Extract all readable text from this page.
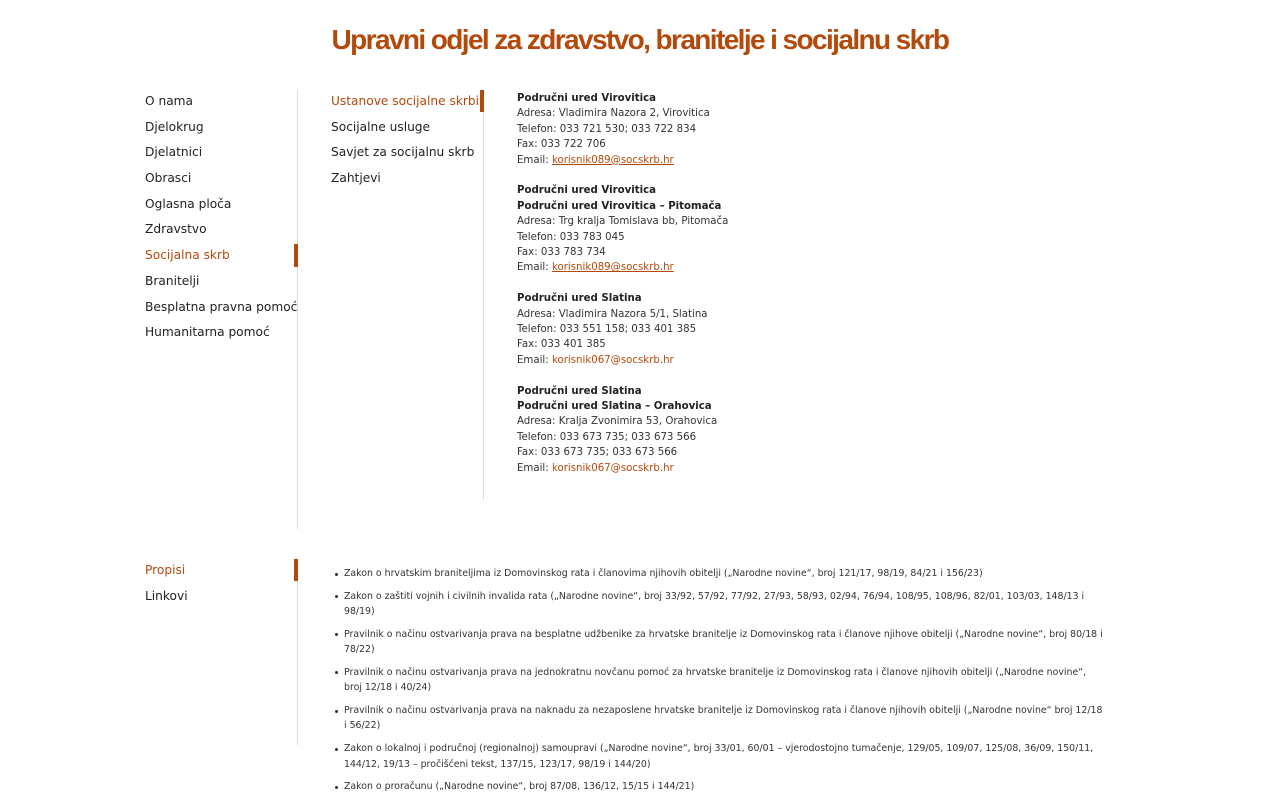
Upravni odjel za zdravstvo, branitelje i socijalnu skrb
O nama
Djelokrug
Djelatnici
Obrasci
Oglasna ploča
Zdravstvo
Socijalna skrb
Branitelji
Besplatna pravna pomoć
Humanitarna pomoć
Ustanove socijalne skrbi
Socijalne usluge
Savjet za socijalnu skrb
Zahtjevi
Područni ured Virovitica
Adresa: Vladimira Nazora 2, Virovitica
Telefon: 033 721 530; 033 722 834
Fax: 033 722 706
Email: korisnik089@socskrb.hr
Područni ured Virovitica
Područni ured Virovitica – Pitomača
Adresa: Trg kralja Tomislava bb, Pitomača
Telefon: 033 783 045
Fax: 033 783 734
Email: korisnik089@socskrb.hr
Područni ured Slatina
Adresa: Vladimira Nazora 5/1, Slatina
Telefon: 033 551 158; 033 401 385
Fax: 033 401 385
Email: korisnik067@socskrb.hr
Područni ured Slatina
Područni ured Slatina – Orahovica
Adresa: Kralja Zvonimira 53, Orahovica
Telefon: 033 673 735; 033 673 566
Fax: 033 673 735; 033 673 566
Email: korisnik067@socskrb.hr
Propisi
Linkovi
Zakon o hrvatskim braniteljima iz Domovinskog rata i članovima njihovih obitelji („Narodne novine“, broj 121/17, 98/19, 84/21 i 156/23)
Zakon o zaštiti vojnih i civilnih invalida rata („Narodne novine“, broj 33/92, 57/92, 77/92, 27/93, 58/93, 02/94, 76/94, 108/95, 108/96, 82/01, 103/03, 148/13 i 98/19)
Pravilnik o načinu ostvarivanja prava na besplatne udžbenike za hrvatske branitelje iz Domovinskog rata i članove njihove obitelji („Narodne novine“, broj 80/18 i 78/22)
Pravilnik o načinu ostvarivanja prava na jednokratnu novčanu pomoć za hrvatske branitelje iz Domovinskog rata i članove njihovih obitelji („Narodne novine“, broj 12/18 i 40/24)
Pravilnik o načinu ostvarivanja prava na naknadu za nezaposlene hrvatske branitelje iz Domovinskog rata i članove njihovih obitelji („Narodne novine“ broj 12/18 i 56/22)
Zakon o lokalnoj i područnoj (regionalnoj) samoupravi („Narodne novine“, broj 33/01, 60/01 – vjerodostojno tumačenje, 129/05, 109/07, 125/08, 36/09, 150/11, 144/12, 19/13 – pročišćeni tekst, 137/15, 123/17, 98/19 i 144/20)
Zakon o proračunu („Narodne novine“, broj 87/08, 136/12, 15/15 i 144/21)
